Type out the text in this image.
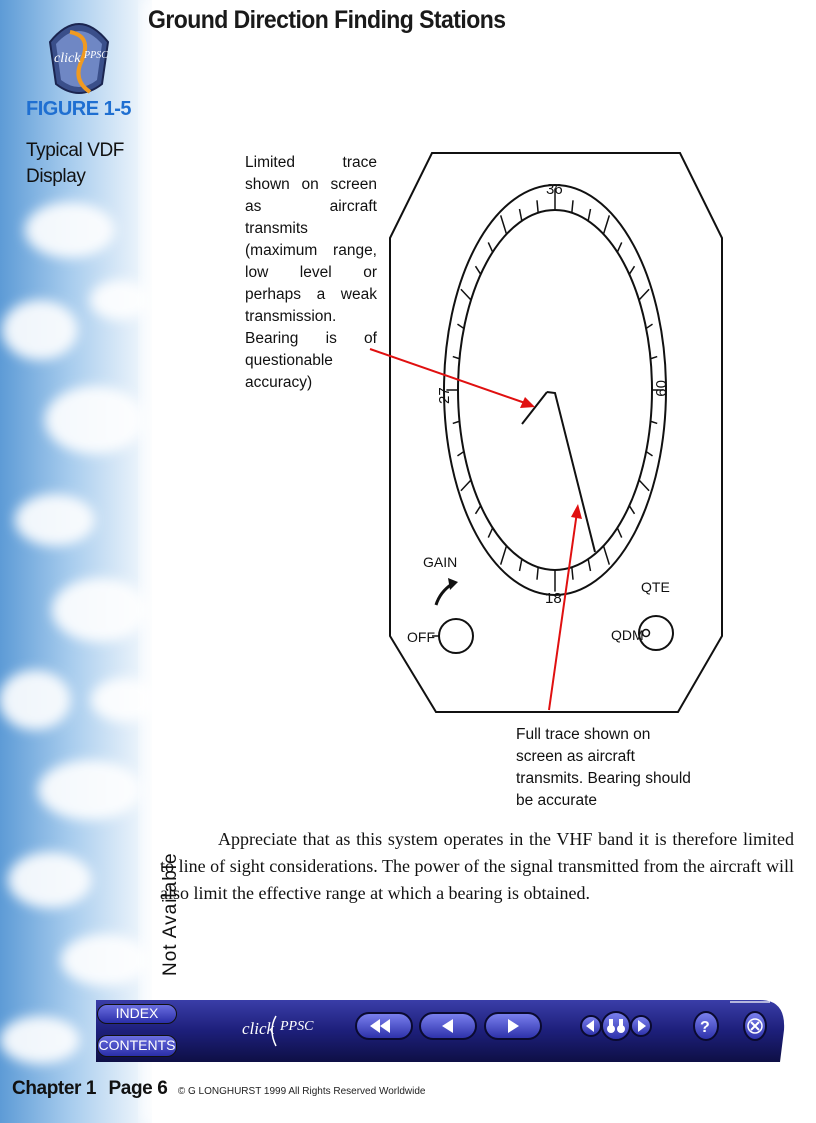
click PPSC
Ground Direction Finding Stations
FIGURE 1-5
Typical VDF Display
36
18
27	09
GAIN
OFF
QTE
QDM
Limited trace shown on screen as aircraft transmits (maximum range, low level or perhaps a weak transmission. Bearing is of questionable accuracy)
Full trace shown on screen as aircraft transmits. Bearing should be accurate
Appreciate that as this system operates in the VHF band it is therefore limited to line of sight considerations. The power of the signal transmitted from the aircraft will also limit the effective range at which a bearing is obtained.
Not Available
click PPSC	?
INDEX
CONTENTS
Chapter 1 Page 6 © G LONGHURST 1999 All Rights Reserved Worldwide
